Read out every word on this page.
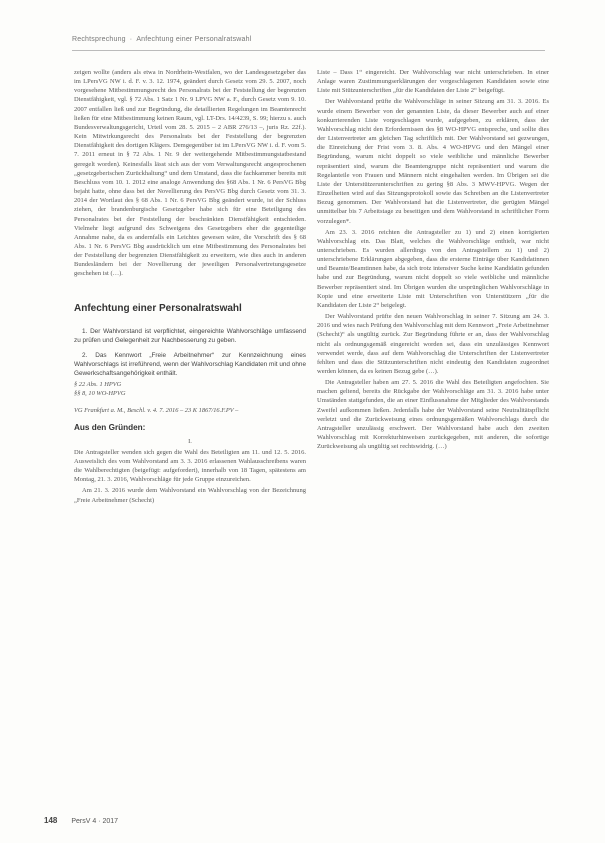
Rechtsprechung · Anfechtung einer Personalratswahl

zeigen wollte (anders als etwa in Nordrhein-Westfalen, wo der Landesgesetzgeber das im LPersVG NW i. d. F. v. 3. 12. 1974, geändert durch Gesetz vom 29. 5. 2007, noch vorgesehene Mitbestimmungsrecht des Personalrats bei der Feststellung der begrenzten Dienstfähigkeit, vgl. § 72 Abs. 1 Satz 1 Nr. 9 LPVG NW a. F., durch Gesetz vom 9. 10. 2007 entfallen ließ und zur Begründung, die detaillierten Regelungen im Beamtenrecht ließen für eine Mitbestimmung keinen Raum, vgl. LT-Drs. 14/4239, S. 99; hierzu s. auch Bundesverwaltungsgericht, Urteil vom 28. 5. 2015 – 2 ABR 276/13 –, juris Rz. 22f.). Kein Mitwirkungsrecht des Personalrats bei der Feststellung der begrenzten Dienstfähigkeit des dortigen Klägers. Demgegenüber ist im LPersVG NW i. d. F. vom 5. 7. 2011 erneut in § 72 Abs. 1 Nr. 9 der weitergehende Mitbestimmungstatbestand geregelt worden). Keinesfalls lässt sich aus der vom Verwaltungsrecht angesprochenen „gesetzgeberischen Zurückhaltung“ und dem Umstand, dass die fachkammer bereits mit Beschluss vom 10. 1. 2012 eine analoge Anwendung des §68 Abs. 1 Nr. 6 PersVG Bbg bejaht hatte, ohne dass bei der Novellierung des PersVG Bbg durch Gesetz vom 31. 3. 2014 der Wortlaut des § 68 Abs. 1 Nr. 6 PersVG Bbg geändert wurde, ist der Schluss ziehen, der brandenburgische Gesetzgeber habe sich für eine Beteiligung des Personalrates bei der Feststellung der beschränkten Dienstfähigkeit entschieden. Vielmehr liegt aufgrund des Schweigens des Gesetzgebers eher die gegenteilige Annahme nahe, da es andernfalls ein Leichtes gewesen wäre, die Vorschrift des § 68 Abs. 1 Nr. 6 PersVG Bbg ausdrücklich um eine Mitbestimmung des Personalrates bei der Feststellung der begrenzten Dienstfähigkeit zu erweitern, wie dies auch in anderen Bundesländern bei der Novellierung der jeweiligen Personalvertretungsgesetze geschehen ist (…).

Anfechtung einer Personalratswahl

1. Der Wahlvorstand ist verpflichtet, eingereichte Wahlvorschläge umfassend zu prüfen und Gelegenheit zur Nachbesserung zu geben.

2. Das Kennwort „Freie Arbeitnehmer“ zur Kennzeichnung eines Wahlvorschlags ist irreführend, wenn der Wahlvorschlag Kandidaten mit und ohne Gewerkschaftsangehörigkeit enthält.

§ 22 Abs. 1 HPVG
§§ 8, 10 WO-HPVG
VG Frankfurt a. M., Beschl. v. 4. 7. 2016 – 23 K 1867/16.F.PV –
Aus den Gründen:
I.

Die Antragsteller wenden sich gegen die Wahl des Beteiligten am 11. und 12. 5. 2016. Ausweislich des vom Wahlvorstand am 3. 3. 2016 erlassenen Wahlausschreibens waren die Wahlberechtigten (beigefügt: aufgefordert), innerhalb von 18 Tagen, spätestens am Montag, 21. 3. 2016, Wahlvorschläge für jede Gruppe einzureichen.

Am 21. 3. 2016 wurde dem Wahlvorstand ein Wahlvorschlag von der Bezeichnung „Freie Arbeitnehmer (Schecht)

Liste – Dass 1“ eingereicht. Der Wahlvorschlag war nicht unterschrieben. In einer Anlage waren Zustimmungserklärungen der vorgeschlagenen Kandidaten sowie eine Liste mit Stützunterschriften „für die Kandidaten der Liste 2“ beigefügt.

Der Wahlvorstand prüfte die Wahlvorschläge in seiner Sitzung am 31. 3. 2016. Es wurde einem Bewerber von der genannten Liste, da dieser Bewerber auch auf einer konkurrierenden Liste vorgeschlagen wurde, aufgegeben, zu erklären, dass der Wahlvorschlag nicht den Erfordernissen des §8 WO-HPVG entspreche, und sollte dies der Listenvertreter am gleichen Tag schriftlich mit. Der Wahlvorstand sei gezwungen, die Einreichung der Frist vom 3. 8. Abs. 4 WO-HPVG und den Mängel einer Begründung, warum nicht doppelt so viele weibliche und männliche Bewerber repräsentiert sind, warum die Beamtengruppe nicht repräsentiert und warum die Regelanteile von Frauen und Männern nicht eingehalten werden. Im Übrigen sei die Liste der Unterstützerunterschriften zu gering §8 Abs. 3 MWV-HPVG. Wegen der Einzelheiten wird auf das Sitzungsprotokoll sowie das Schreiben an die Listenvertreter Bezug genommen. Der Wahlvorstand hat die Listenvertreter, die gerügten Mängel unmittelbar bis 7 Arbeitstage zu beseitigen und dem Wahlvorstand in schriftlicher Form vorzulegen*.

Am 23. 3. 2016 reichten die Antragsteller zu 1) und 2) einen korrigierten Wahlvorschlag ein. Das Blatt, welches die Wahlvorschläge enthielt, war nicht unterschrieben. Es wurden allerdings von den Antragstellern zu 1) und 2) unterschriebene Erklärungen abgegeben, dass die ersterne Einträge über Kandidatinnen und Beamte/Beamtinnen habe, da sich trotz intensiver Suche keine Kandidatin gefunden habe und zur Begründung, warum nicht doppelt so viele weibliche und männliche Bewerber repräsentiert sind. Im Übrigen wurden die ursprünglichen Wahlvorschläge in Kopie und eine erweiterte Liste mit Unterschriften von Unterstützern „für die Kandidaten der Liste 2“ beigelegt.

Der Wahlvorstand prüfte den neuen Wahlvorschlag in seiner 7. Sitzung am 24. 3. 2016 und wies nach Prüfung den Wahlvorschlag mit dem Kennwort „Freie Arbeitnehmer (Schecht)“ als ungültig zurück. Zur Begründung führte er an, dass der Wahlvorschlag nicht als ordnungsgemäß eingereicht worden sei, dass ein unzulässiges Kennwort verwendet werde, dass auf dem Wahlvorschlag die Unterschriften der Listenvertreter fehlten und dass die Stützunterschriften nicht eindeutig den Kandidaten zugeordnet werden können, da es keinen Bezug gebe (…).

Die Antragsteller haben am 27. 5. 2016 die Wahl des Beteiligten angefochten. Sie machen geltend, bereits die Rückgabe der Wahlvorschläge am 31. 3. 2016 habe unter Umständen stattgefunden, die an einer Einflussnahme der Mitglieder des Wahlvorstands Zweifel aufkommen ließen. Jedenfalls habe der Wahlvorstand seine Neutralitätspflicht verletzt und die Zurückweisung eines ordnungsgemäßen Wahlvorschlags durch die Antragsteller unzulässig erschwert. Der Wahlvorstand habe auch den zweiten Wahlvorschlag mit Korrekturhinweisen zurückgegeben, mit anderen, die sofortige Zurückweisung als ungültig sei rechtswidrig. (…)

148 PersV 4 · 2017
